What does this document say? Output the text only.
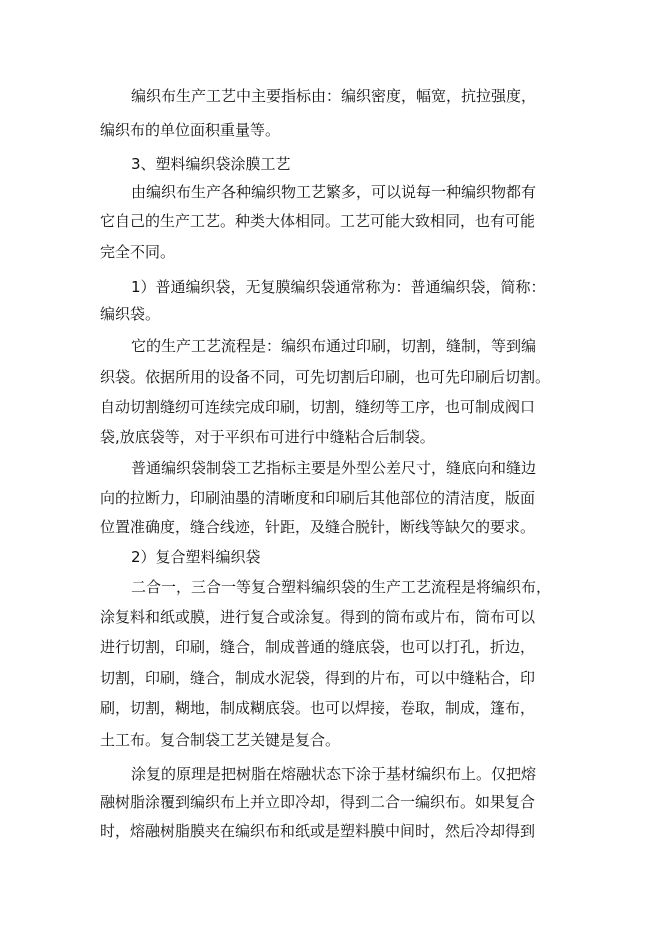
编织布生产工艺中主要指标由：编织密度，幅宽，抗拉强度，
编织布的单位面积重量等。
3、塑料编织袋涂膜工艺
由编织布生产各种编织物工艺繁多，可以说每一种编织物都有
它自己的生产工艺。种类大体相同。工艺可能大致相同，也有可能
完全不同。
1）普通编织袋，无复膜编织袋通常称为：普通编织袋，简称：
编织袋。
它的生产工艺流程是：编织布通过印刷，切割，缝制，等到编
织袋。依据所用的设备不同，可先切割后印刷，也可先印刷后切割。
自动切割缝纫可连续完成印刷，切割，缝纫等工序，也可制成阀口
袋,放底袋等，对于平织布可进行中缝粘合后制袋。
普通编织袋制袋工艺指标主要是外型公差尺寸，缝底向和缝边
向的拉断力，印刷油墨的清晰度和印刷后其他部位的清洁度，版面
位置准确度，缝合线迹，针距，及缝合脱针，断线等缺欠的要求。
2）复合塑料编织袋
二合一，三合一等复合塑料编织袋的生产工艺流程是将编织布，
涂复料和纸或膜，进行复合或涂复。得到的筒布或片布，筒布可以
进行切割，印刷，缝合，制成普通的缝底袋，也可以打孔，折边，
切割，印刷，缝合，制成水泥袋，得到的片布，可以中缝粘合，印
刷，切割，糊地，制成糊底袋。也可以焊接，卷取，制成，篷布，
土工布。复合制袋工艺关键是复合。
涂复的原理是把树脂在熔融状态下涂于基材编织布上。仅把熔
融树脂涂覆到编织布上并立即冷却，得到二合一编织布。如果复合
时，熔融树脂膜夹在编织布和纸或是塑料膜中间时，然后冷却得到
